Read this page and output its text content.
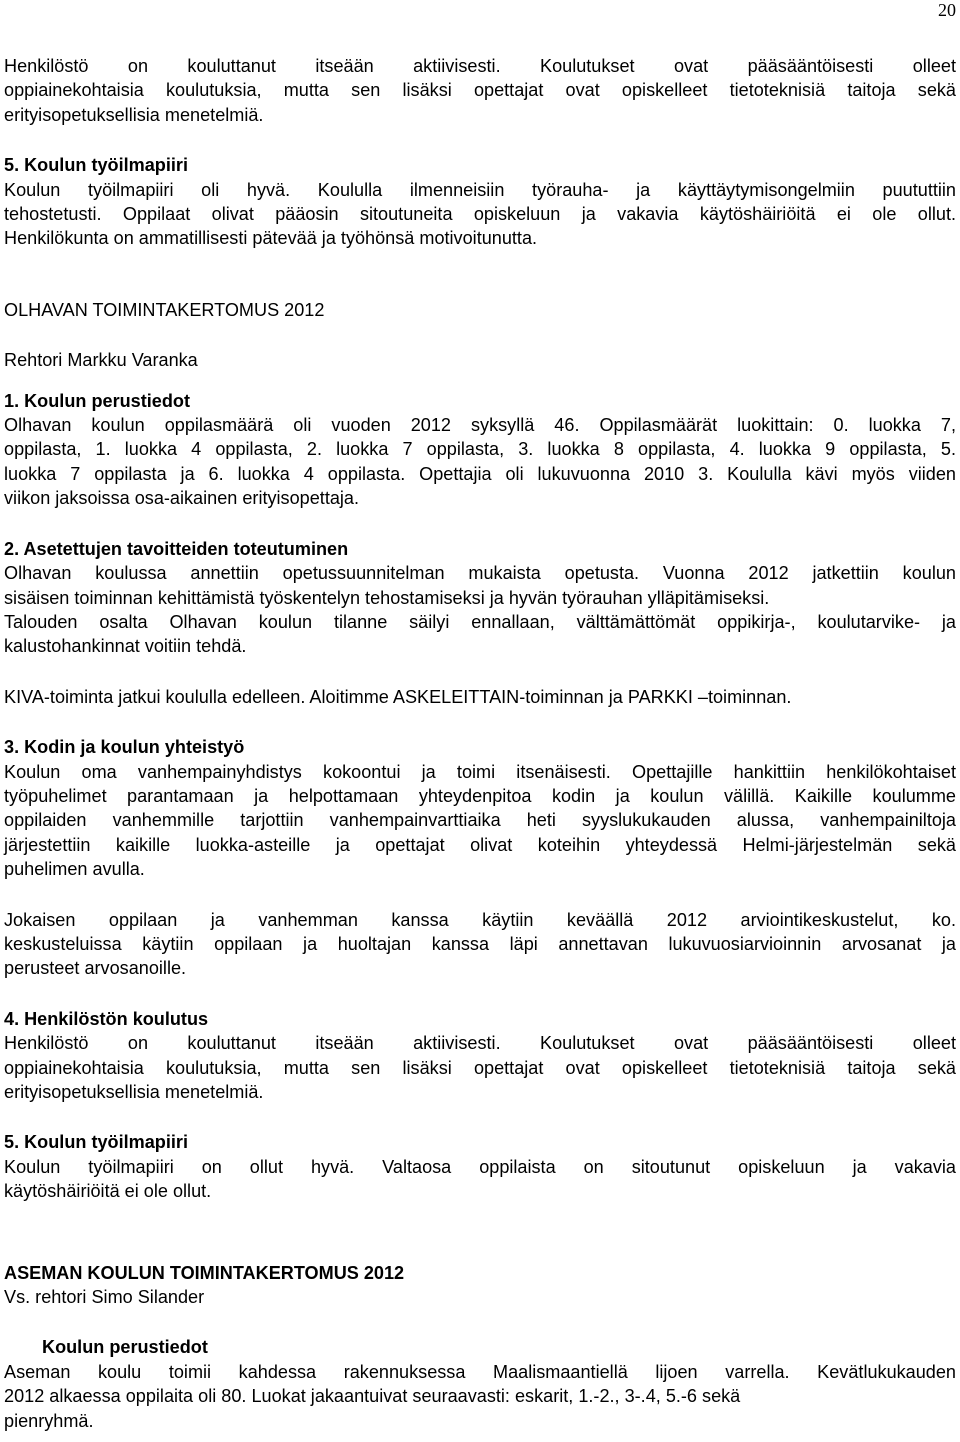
20
Henkilöstö on kouluttanut itseään aktiivisesti. Koulutukset ovat pääsääntöisesti olleet
oppiainekohtaisia koulutuksia, mutta sen lisäksi opettajat ovat opiskelleet tietoteknisiä taitoja sekä
erityisopetuksellisia menetelmiä.
5. Koulun työilmapiiri
Koulun työilmapiiri oli hyvä. Koululla ilmenneisiin työrauha- ja käyttäytymisongelmiin puututtiin
tehostetusti. Oppilaat olivat pääosin sitoutuneita opiskeluun ja vakavia käytöshäiriöitä ei ole ollut.
Henkilökunta on ammatillisesti pätevää ja työhönsä motivoitunutta.
OLHAVAN TOIMINTAKERTOMUS 2012
Rehtori Markku Varanka
1. Koulun perustiedot
Olhavan koulun oppilasmäärä oli vuoden 2012 syksyllä 46. Oppilasmäärät luokittain: 0. luokka 7,
oppilasta, 1. luokka 4 oppilasta, 2. luokka 7 oppilasta, 3. luokka 8 oppilasta, 4. luokka 9 oppilasta, 5.
luokka 7 oppilasta ja 6. luokka 4 oppilasta. Opettajia oli lukuvuonna 2010 3. Koululla kävi myös viiden
viikon jaksoissa osa-aikainen erityisopettaja.
2. Asetettujen tavoitteiden toteutuminen
Olhavan koulussa annettiin opetussuunnitelman mukaista opetusta. Vuonna 2012 jatkettiin koulun
sisäisen toiminnan kehittämistä työskentelyn tehostamiseksi ja hyvän työrauhan ylläpitämiseksi.
Talouden osalta Olhavan koulun tilanne säilyi ennallaan, välttämättömät oppikirja-, koulutarvike- ja
kalustohankinnat voitiin tehdä.
KIVA-toiminta jatkui koululla edelleen. Aloitimme ASKELEITTAIN-toiminnan ja PARKKI –toiminnan.
3. Kodin ja koulun yhteistyö
Koulun oma vanhempainyhdistys kokoontui ja toimi itsenäisesti. Opettajille hankittiin henkilökohtaiset
työpuhelimet parantamaan ja helpottamaan yhteydenpitoa kodin ja koulun välillä. Kaikille koulumme
oppilaiden vanhemmille tarjottiin vanhempainvarttiaika heti syyslukukauden alussa, vanhempainiltoja
järjestettiin kaikille luokka-asteille ja opettajat olivat koteihin yhteydessä Helmi-järjestelmän sekä
puhelimen avulla.
Jokaisen oppilaan ja vanhemman kanssa käytiin keväällä 2012 arviointikeskustelut, ko.
keskusteluissa käytiin oppilaan ja huoltajan kanssa läpi annettavan lukuvuosiarvioinnin arvosanat ja
perusteet arvosanoille.
4. Henkilöstön koulutus
Henkilöstö on kouluttanut itseään aktiivisesti. Koulutukset ovat pääsääntöisesti olleet
oppiainekohtaisia koulutuksia, mutta sen lisäksi opettajat ovat opiskelleet tietoteknisiä taitoja sekä
erityisopetuksellisia menetelmiä.
5. Koulun työilmapiiri
Koulun työilmapiiri on ollut hyvä. Valtaosa oppilaista on sitoutunut opiskeluun ja vakavia
käytöshäiriöitä ei ole ollut.
ASEMAN KOULUN TOIMINTAKERTOMUS 2012
Vs. rehtori Simo Silander
Koulun perustiedot
Aseman koulu toimii kahdessa rakennuksessa Maalismaantiellä lijoen varrella. Kevätlukukauden
2012 alkaessa oppilaita oli 80. Luokat jakaantuivat seuraavasti: eskarit, 1.-2., 3-.4, 5.-6 sekä
pienryhmä.
